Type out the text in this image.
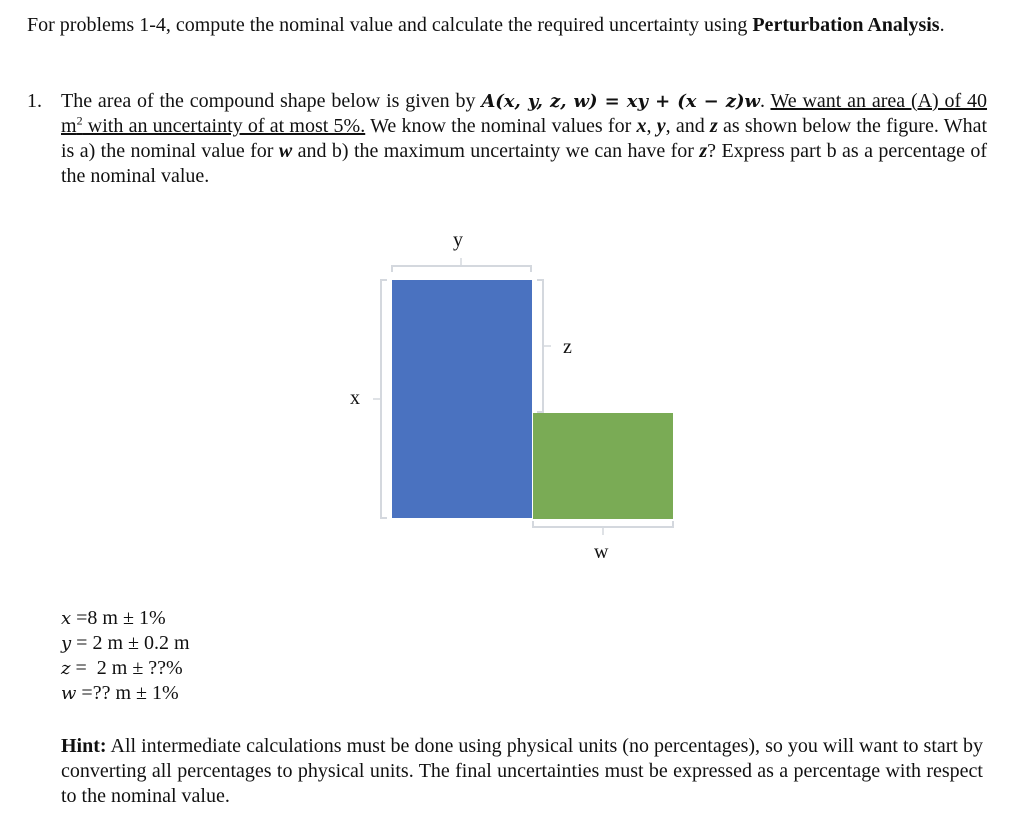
For problems 1-4, compute the nominal value and calculate the required uncertainty using Perturbation Analysis.
1. The area of the compound shape below is given by A(x, y, z, w) = xy + (x − z)w. We want an area (A) of 40 $m^2$ with an uncertainty of at most 5%. We know the nominal values for x, y, and z as shown below the figure. What is a) the nominal value for w and b) the maximum uncertainty we can have for z? Express part b as a percentage of the nominal value.
y
z
x
w
x =8 m ± 1%
y = 2 m ± 0.2 m
z =  2 m ± ??%
w =?? m ± 1%
Hint: All intermediate calculations must be done using physical units (no percentages), so you will want to start by converting all percentages to physical units. The final uncertainties must be expressed as a percentage with respect to the nominal value.
